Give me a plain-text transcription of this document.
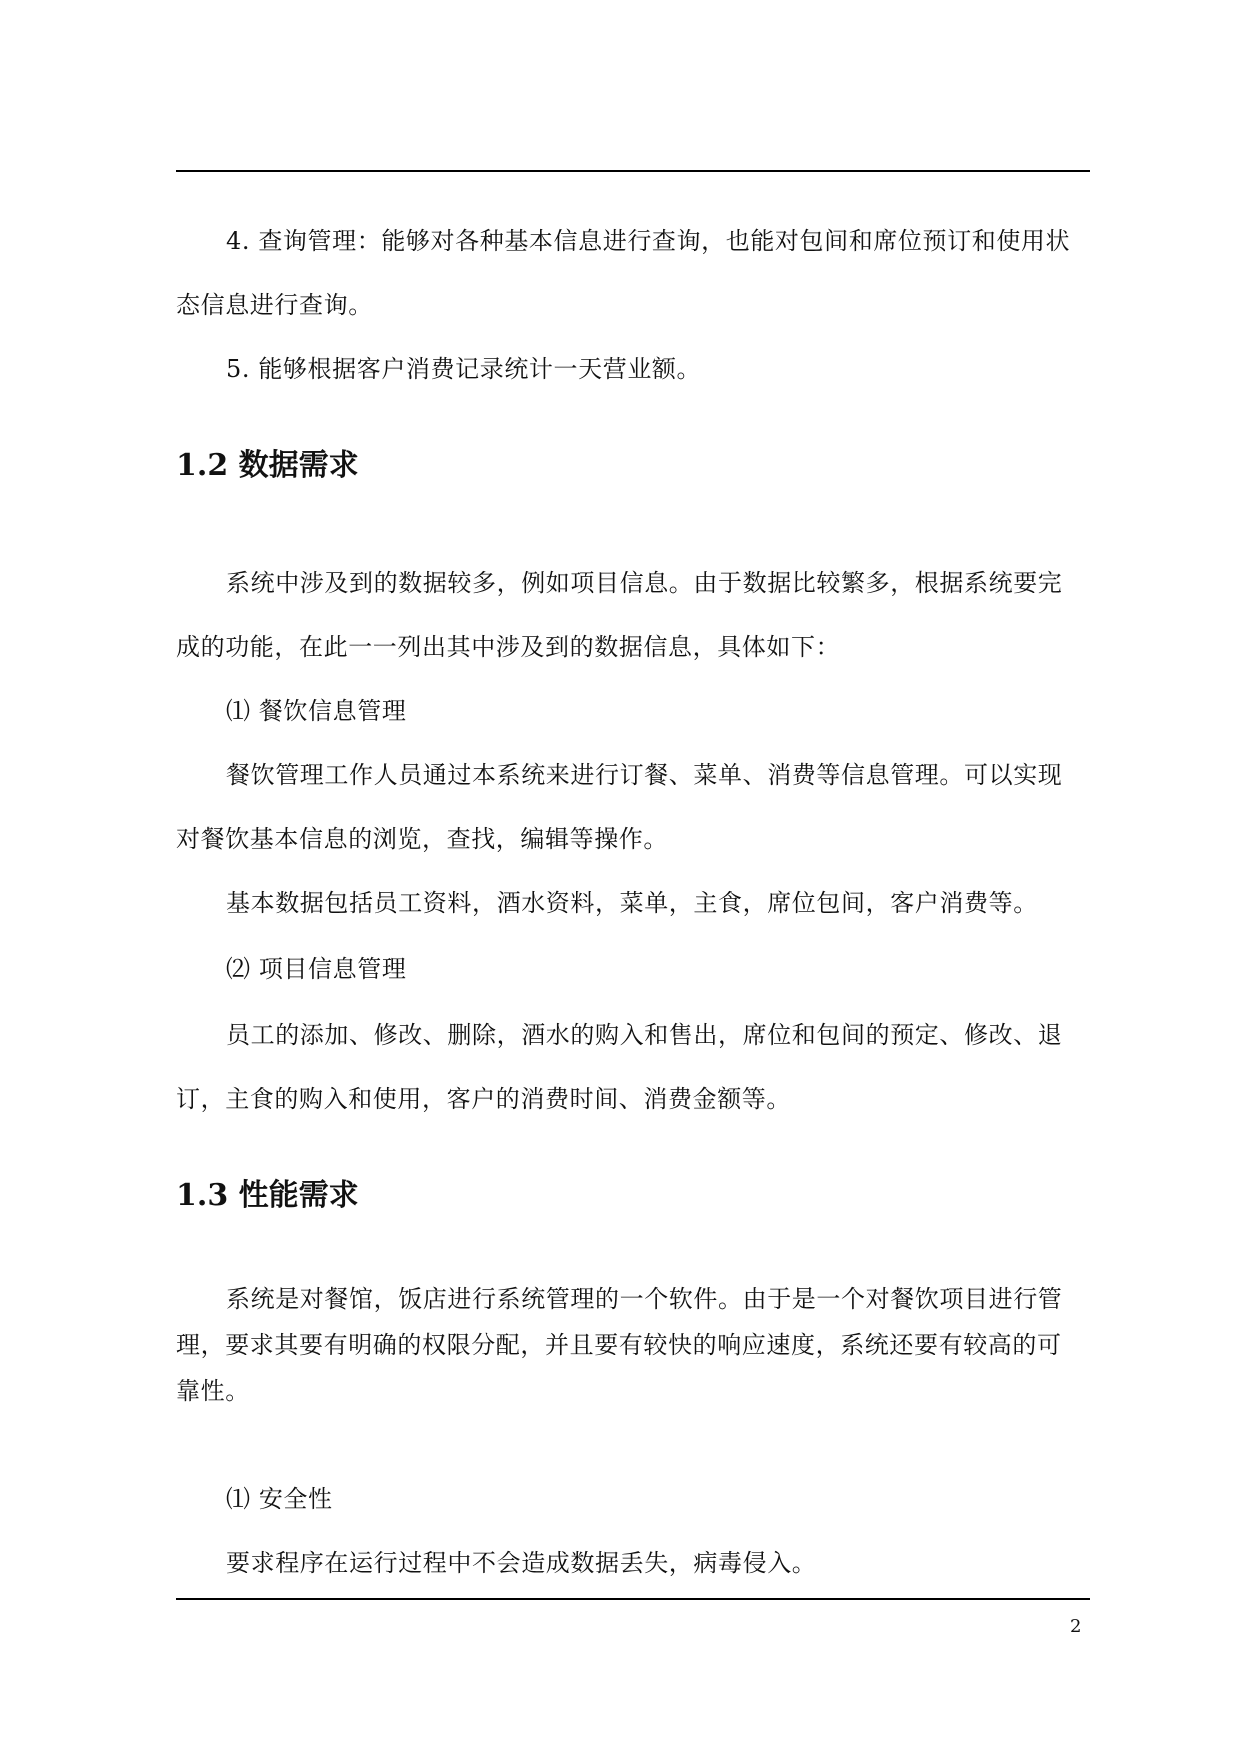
4. 查询管理：能够对各种基本信息进行查询，也能对包间和席位预订和使用状
态信息进行查询。
5. 能够根据客户消费记录统计一天营业额。
1.2 数据需求
系统中涉及到的数据较多，例如项目信息。由于数据比较繁多，根据系统要完
成的功能，在此一一列出其中涉及到的数据信息，具体如下：
⑴ 餐饮信息管理
餐饮管理工作人员通过本系统来进行订餐、菜单、消费等信息管理。可以实现
对餐饮基本信息的浏览，查找，编辑等操作。
基本数据包括员工资料，酒水资料，菜单，主食，席位包间，客户消费等。
⑵ 项目信息管理
员工的添加、修改、删除，酒水的购入和售出，席位和包间的预定、修改、退
订，主食的购入和使用，客户的消费时间、消费金额等。
1.3 性能需求
系统是对餐馆，饭店进行系统管理的一个软件。由于是一个对餐饮项目进行管
理，要求其要有明确的权限分配，并且要有较快的响应速度，系统还要有较高的可
靠性。
⑴ 安全性
要求程序在运行过程中不会造成数据丢失，病毒侵入。
2
